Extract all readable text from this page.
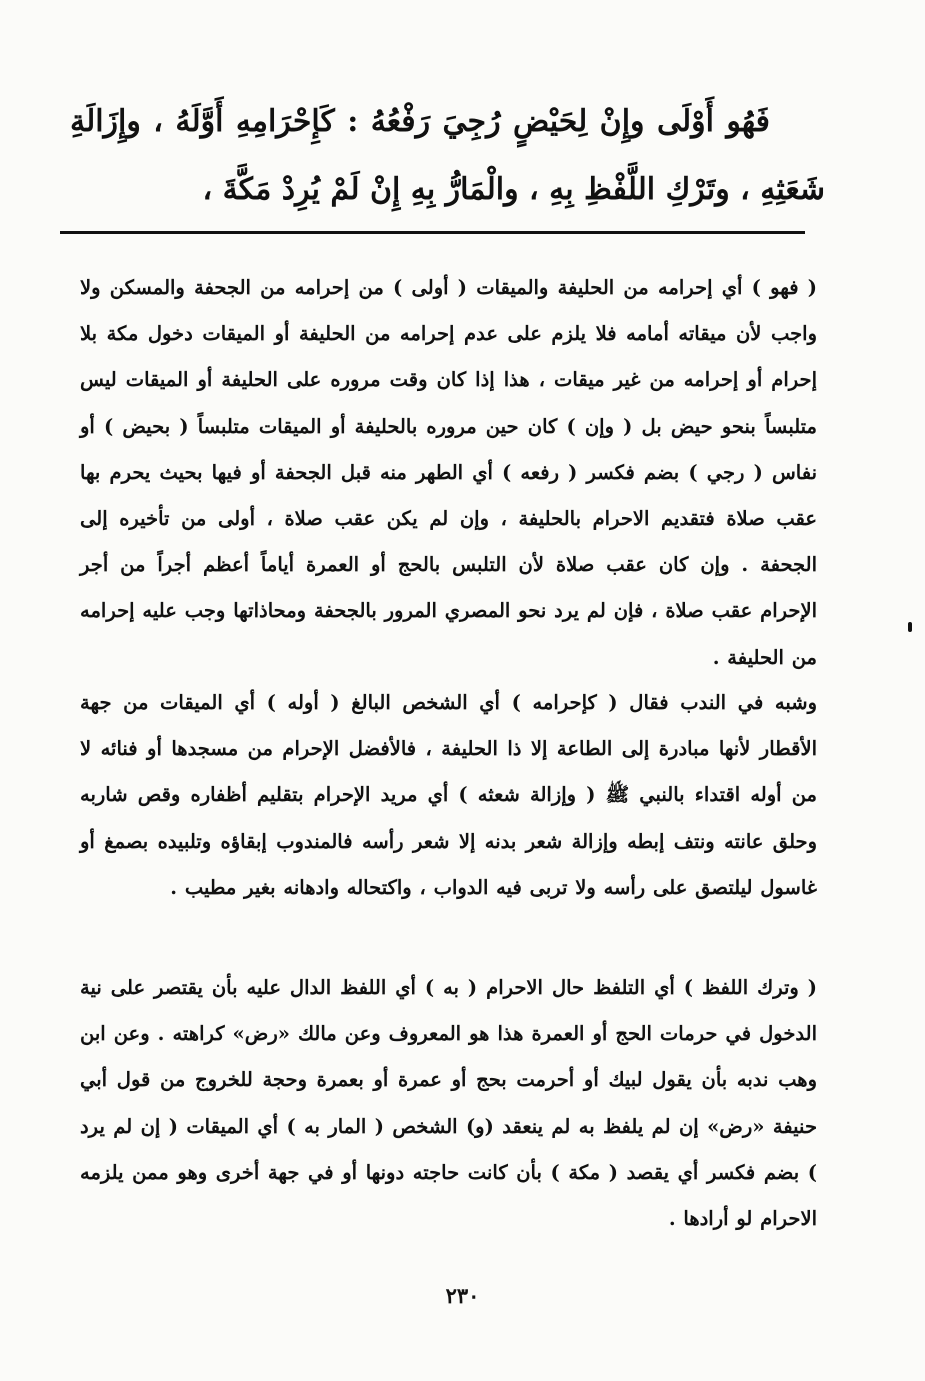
فَهُو أَوْلَى وإِنْ لِحَيْضٍ رُجِيَ رَفْعُهُ : كَإِحْرَامِهِ أَوَّلَهُ ، وإِزَالَةِ
شَعَثِهِ ، وتَرْكِ اللَّفْظِ بِهِ ، والْمَارُّ بِهِ إِنْ لَمْ يُرِدْ مَكَّةَ ،
( فهو ) أي إحرامه من الحليفة والميقات ( أولى ) من إحرامه من الجحفة والمسكن ولا واجب لأن ميقاته أمامه فلا يلزم على عدم إحرامه من الحليفة أو الميقات دخول مكة بلا إحرام أو إحرامه من غير ميقات ، هذا إذا كان وقت مروره على الحليفة أو الميقات ليس متلبساً بنحو حيض بل ( وإن ) كان حين مروره بالحليفة أو الميقات متلبساً ( بحيض ) أو نفاس ( رجي ) بضم فكسر ( رفعه ) أي الطهر منه قبل الجحفة أو فيها بحيث يحرم بها عقب صلاة فتقديم الاحرام بالحليفة ، وإن لم يكن عقب صلاة ، أولى من تأخيره إلى الجحفة . وإن كان عقب صلاة لأن التلبس بالحج أو العمرة أياماً أعظم أجراً من أجر الإحرام عقب صلاة ، فإن لم يرد نحو المصري المرور بالجحفة ومحاذاتها وجب عليه إحرامه من الحليفة .
وشبه في الندب فقال ( كإحرامه ) أي الشخص البالغ ( أوله ) أي الميقات من جهة الأقطار لأنها مبادرة إلى الطاعة إلا ذا الحليفة ، فالأفضل الإحرام من مسجدها أو فنائه لا من أوله اقتداء بالنبي ﷺ ( وإزالة شعثه ) أي مريد الإحرام بتقليم أظفاره وقص شاربه وحلق عانته ونتف إبطه وإزالة شعر بدنه إلا شعر رأسه فالمندوب إبقاؤه وتلبيده بصمغ أو غاسول ليلتصق على رأسه ولا تربى فيه الدواب ، واكتحاله وادهانه بغير مطيب .
( وترك اللفظ ) أي التلفظ حال الاحرام ( به ) أي اللفظ الدال عليه بأن يقتصر على نية الدخول في حرمات الحج أو العمرة هذا هو المعروف وعن مالك «رض» كراهته . وعن ابن وهب ندبه بأن يقول لبيك أو أحرمت بحج أو عمرة أو بعمرة وحجة للخروج من قول أبي حنيفة «رض» إن لم يلفظ به لم ينعقد (و) الشخص ( المار به ) أي الميقات ( إن لم يرد ) بضم فكسر أي يقصد ( مكة ) بأن كانت حاجته دونها أو في جهة أخرى وهو ممن يلزمه الاحرام لو أرادها .
٢٣٠
